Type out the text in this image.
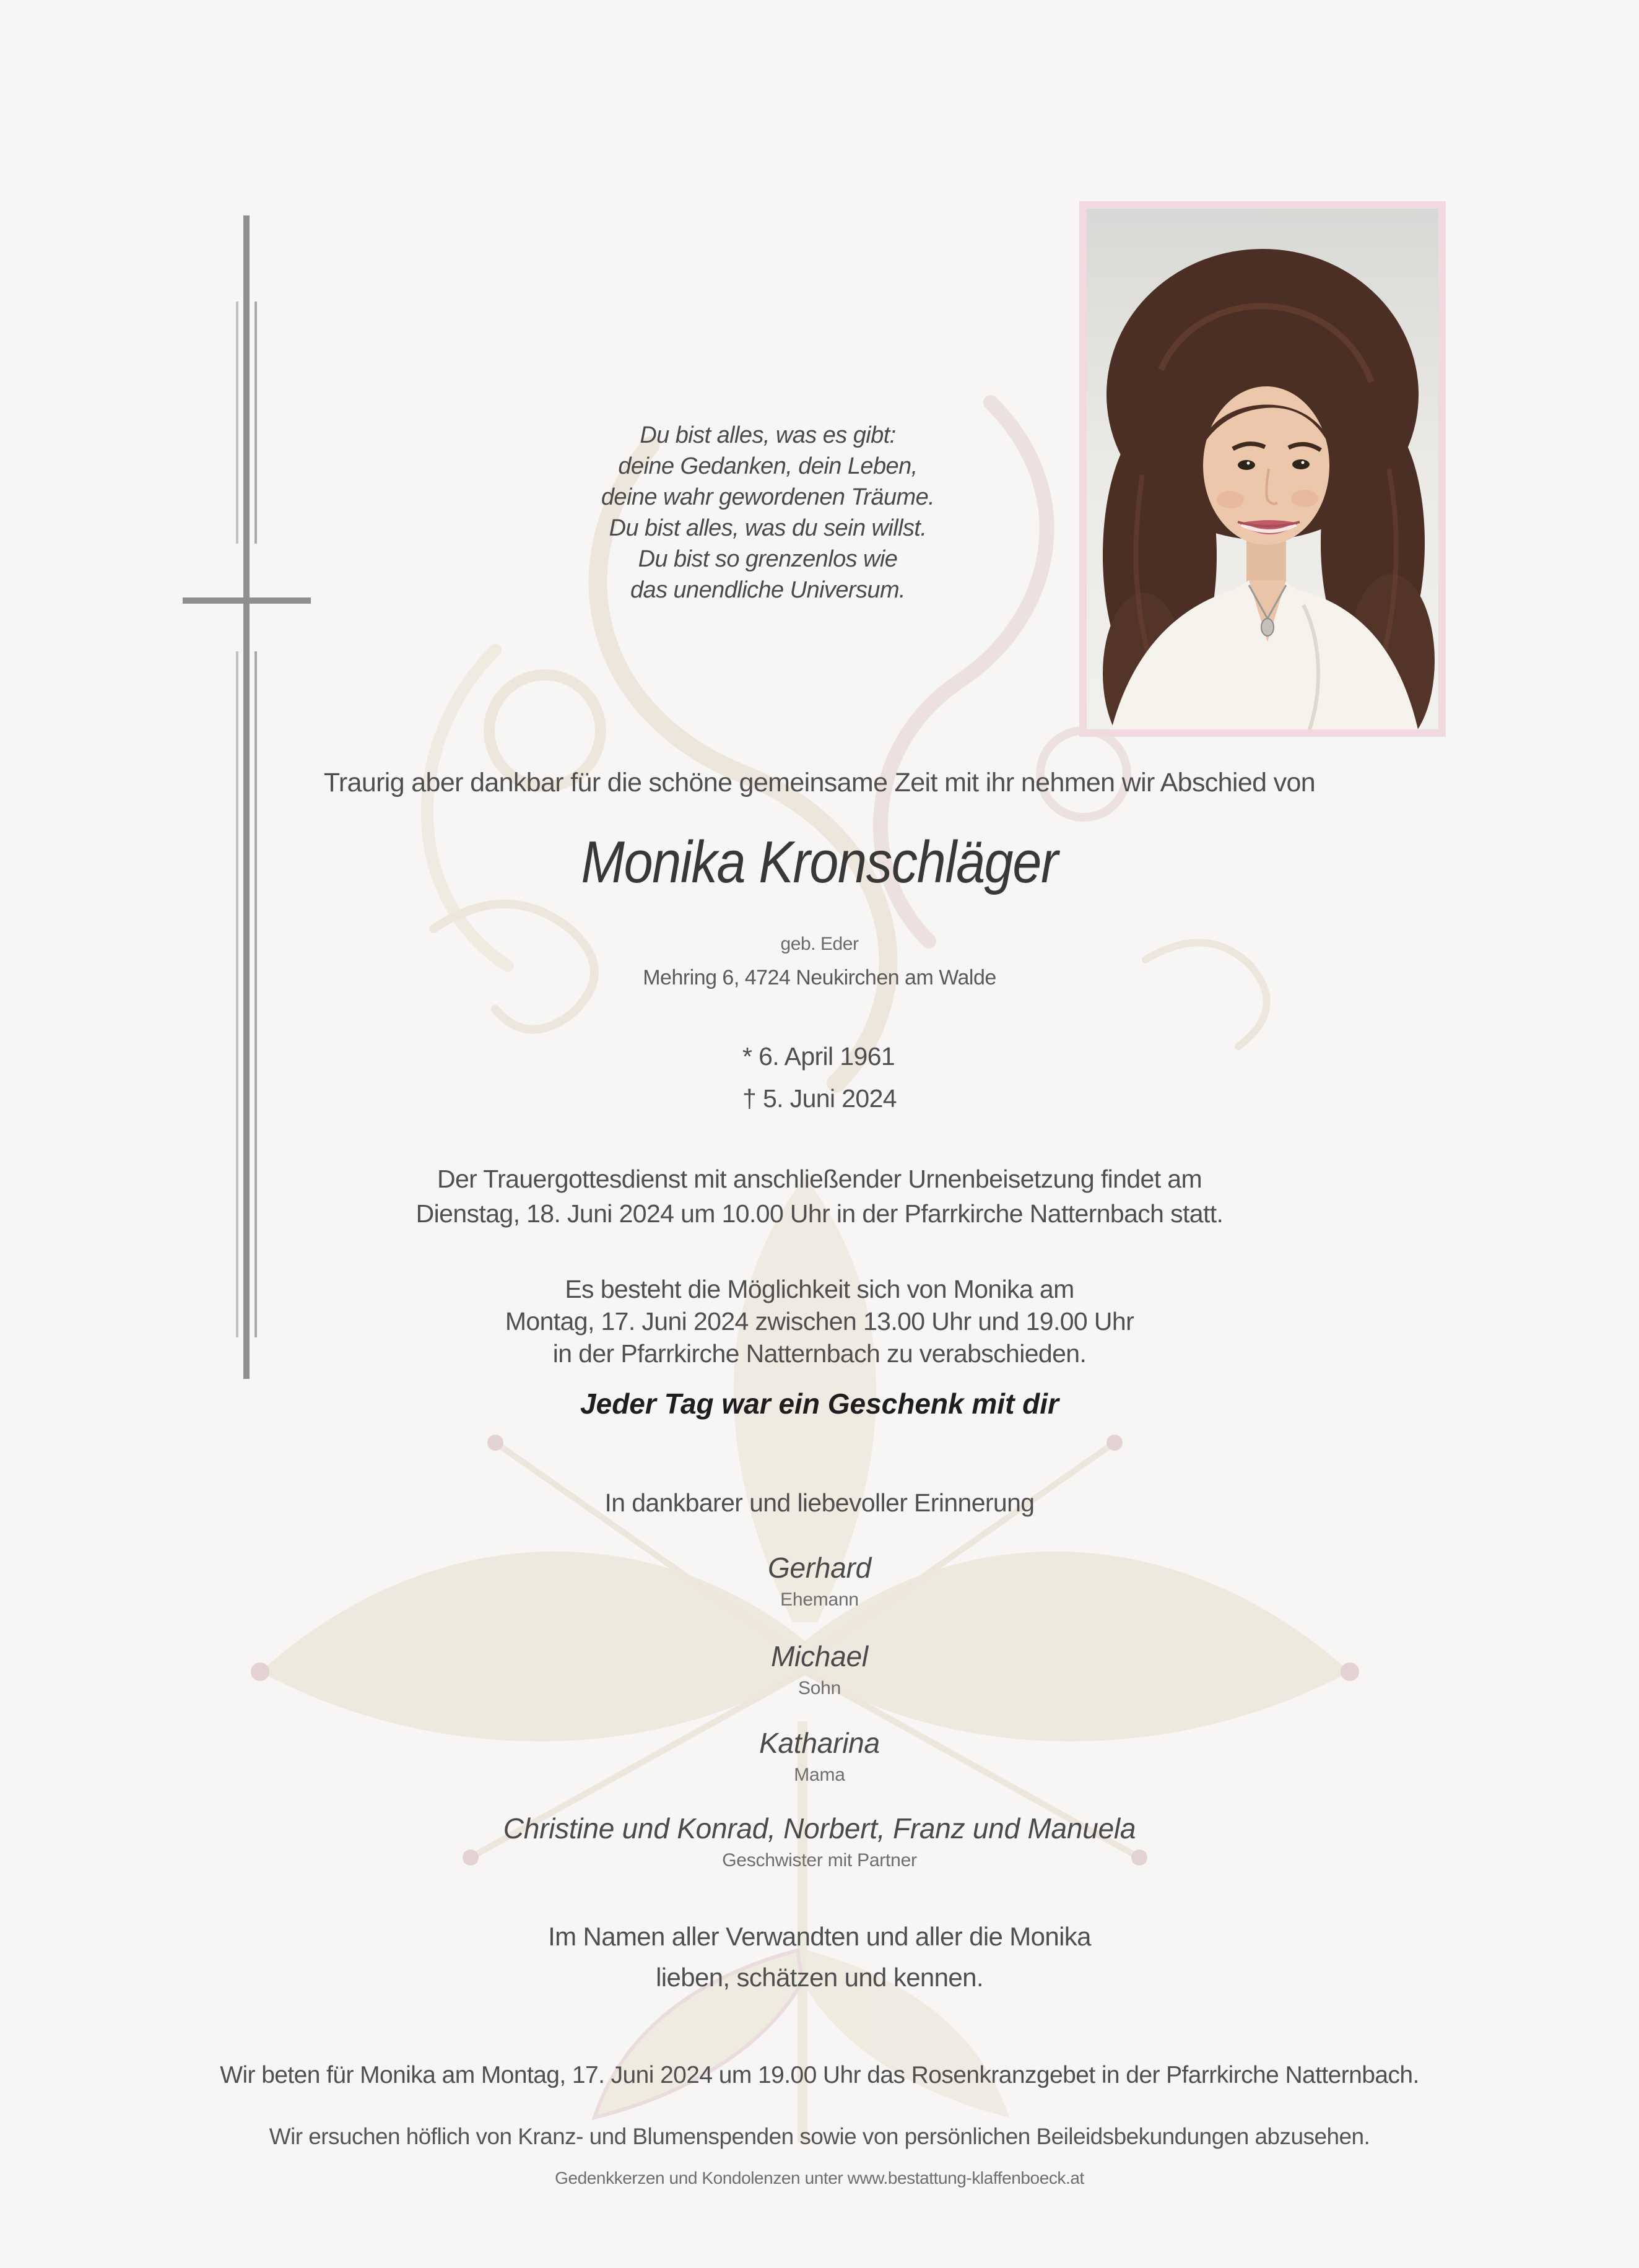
Du bist alles, was es gibt:
deine Gedanken, dein Leben,
deine wahr gewordenen Träume.
Du bist alles, was du sein willst.
Du bist so grenzenlos wie
das unendliche Universum.
Traurig aber dankbar für die schöne gemeinsame Zeit mit ihr nehmen wir Abschied von
Monika Kronschläger
geb. Eder
Mehring 6, 4724 Neukirchen am Walde
* 6. April 1961
† 5. Juni 2024
Der Trauergottesdienst mit anschließender Urnenbeisetzung findet am
Dienstag, 18. Juni 2024 um 10.00 Uhr in der Pfarrkirche Natternbach statt.
Es besteht die Möglichkeit sich von Monika am
Montag, 17. Juni 2024 zwischen 13.00 Uhr und 19.00 Uhr
in der Pfarrkirche Natternbach zu verabschieden.
Jeder Tag war ein Geschenk mit dir
In dankbarer und liebevoller Erinnerung
Gerhard
Ehemann
Michael
Sohn
Katharina
Mama
Christine und Konrad, Norbert, Franz und Manuela
Geschwister mit Partner
Im Namen aller Verwandten und aller die Monika
lieben, schätzen und kennen.
Wir beten für Monika am Montag, 17. Juni 2024 um 19.00 Uhr das Rosenkranzgebet in der Pfarrkirche Natternbach.
Wir ersuchen höflich von Kranz- und Blumenspenden sowie von persönlichen Beileidsbekundungen abzusehen.
Gedenkkerzen und Kondolenzen unter www.bestattung-klaffenboeck.at
